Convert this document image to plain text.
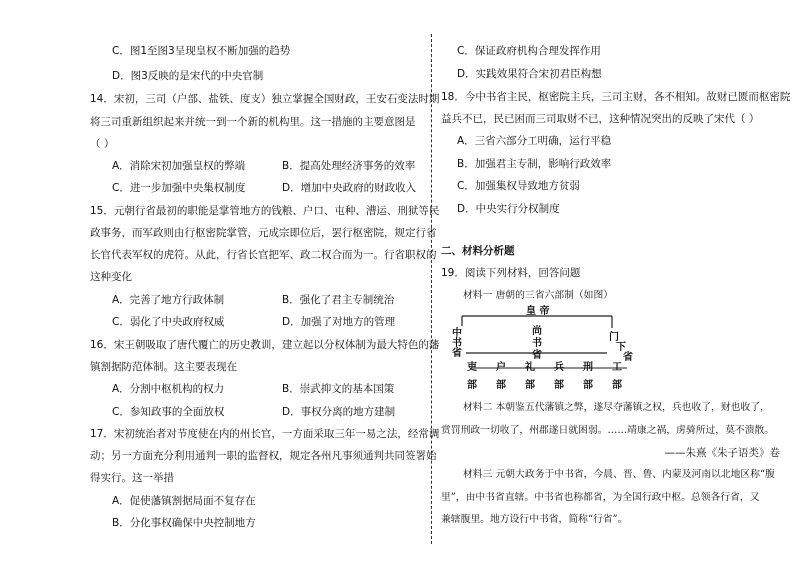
C．图1至图3呈现皇权不断加强的趋势
D．图3反映的是宋代的中央官制
14．宋初，三司（户部、盐铁、度支）独立掌握全国财政，王安石变法时期
将三司重新组织起来并统一到一个新的机构里。这一措施的主要意图是
（ ）
A．消除宋初加强皇权的弊端	B．提高处理经济事务的效率
C．进一步加强中央集权制度	D．增加中央政府的财政收入
15．元朝行省最初的职能是掌管地方的钱粮、户口、屯种、漕运、刑狱等民
政事务，而军政则由行枢密院掌管，元成宗即位后，罢行枢密院，规定行省
长官代表军权的虎符。从此，行省长官把军、政二权合而为一。行省职权的
这种变化
A．完善了地方行政体制	B．强化了君主专制统治
C．弱化了中央政府权威	D．加强了对地方的管理
16．宋王朝吸取了唐代覆亡的历史教训，建立起以分权体制为最大特色的藩
镇割据防范体制。这主要表现在
A．分割中枢机构的权力	B．崇武抑文的基本国策
C．参知政事的全面放权	D．事权分离的地方建制
17．宋初统治者对节度使在内的州长官，一方面采取三年一易之法，经常调
动；另一方面充分利用通判一职的监督权，规定各州凡事须通判共同签署始
得实行。这一举措
A．促使藩镇割据局面不复存在
B．分化事权确保中央控制地方
C．保证政府机构合理发挥作用
D．实践效果符合宋初君臣构想
18．今中书省主民，枢密院主兵，三司主财，各不相知。故财已匮而枢密院
益兵不已，民已困而三司取财不已，这种情况突出的反映了宋代（ ）
A．三省六部分工明确，运行平稳
B．加强君主专制，影响行政效率
C．加强集权导致地方贫弱
D．中央实行分权制度
二、材料分析题
19．阅读下列材料，回答问题
材料一 唐朝的三省六部制（如图）
皇 帝
中
书
省
尚
书
省
门
下
省
吏 户 礼 兵 刑 工
部 部 部 部 部 部
材料二 本朝鉴五代藩镇之弊，遂尽夺藩镇之权，兵也收了，财也收了，
赏罚刑政一切收了，州郡遂日就困弱。……靖康之祸，虏骑所过，莫不溃散。
——朱熹《朱子语类》卷
材料三 元朝大政务于中书省，今晨、晋、鲁、内蒙及河南以北地区称“腹
里”，由中书省直辖。中书省也称都省，为全国行政中枢。总领各行省，又
兼辖腹里。地方设行中书省，简称“行省”。
